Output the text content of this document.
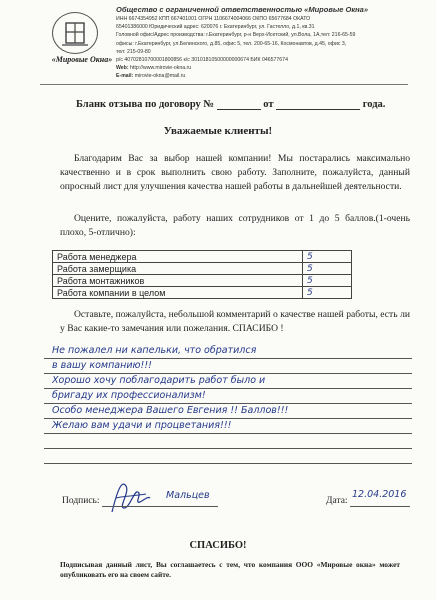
«Мировые Окна»
Общество с ограниченной ответственностью «Мировые Окна»
ИНН 6674354952 КПП 667401001 ОГРН 1106674004066 ОКПО 65677684 ОКАТО
65401386000 Юридический адрес: 620076 г. Екатеринбург, ул. Гастелло, д.1, кв.31
Головной офис/Адрес производства: г.Екатеринбург, р-н Верх-Исетский, ул.Вола, 1А,тел: 216-65-59
офисы: г.Екатеринбург, ул.Белинского, д.85, офис 5, тел. 200-65-16, Космонавтов, д.45, офис 3,
тел: 215-09-80
р/с 40702810700001800856 к/с 30101810500000000674 БИК 046577674
Web: http://www.mirovie-okna.ru
E-mail: mirovie-okna@mail.ru
Бланк отзыва по договору №	от	года.
Уважаемые клиенты!
Благодарим Вас за выбор нашей компании! Мы постарались максимально качественно и в срок выполнить свою работу. Заполните, пожалуйста, данный опросный лист для улучшения качества нашей работы в дальнейшей деятельности.
Оцените, пожалуйста, работу наших сотрудников от 1 до 5 баллов.(1-очень плохо, 5-отлично):
Работа менеджера	5
Работа замерщика	5
Работа монтажников	5
Работа компании в целом	5
Оставьте, пожалуйста, небольшой комментарий о качестве нашей работы, есть ли у Вас какие-то замечания или пожелания. СПАСИБО !
Не пожалел ни капельки, что обратился
в вашу компанию!!!
Хорошо хочу поблагодарить работ было и
бригаду их профессионализм!
Особо менеджера Вашего Евгения !! Баллов!!!
Желаю вам удачи и процветания!!!
Подпись:	Мальцев	Дата:
12.04.2016
СПАСИБО!
Подписывая данный лист, Вы соглашаетесь с тем, что компания ООО «Мировые окна» может опубликовать его на своем сайте.
